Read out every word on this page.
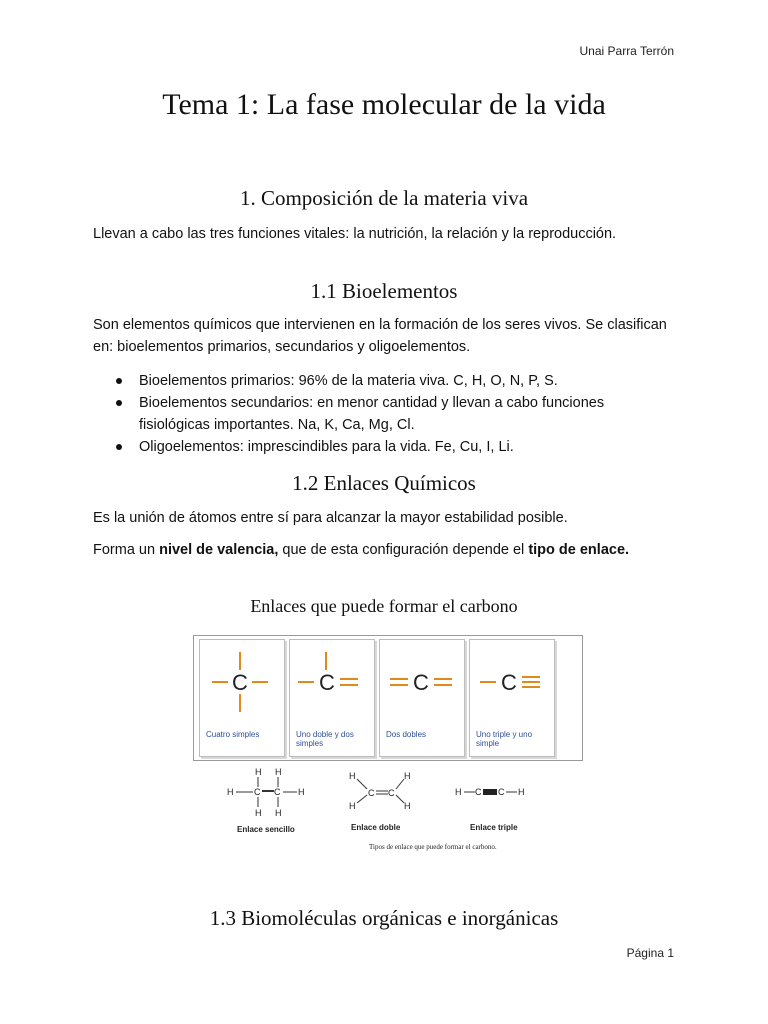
Unai Parra Terrón
Tema 1: La fase molecular de la vida
1. Composición de la materia viva
Llevan a cabo las tres funciones vitales: la nutrición, la relación y la reproducción.
1.1 Bioelementos
Son elementos químicos que intervienen en la formación de los seres vivos. Se clasifican en: bioelementos primarios, secundarios y oligoelementos.
Bioelementos primarios: 96% de la materia viva. C, H, O, N, P, S.
Bioelementos secundarios: en menor cantidad y llevan a cabo funciones fisiológicas importantes. Na, K, Ca, Mg, Cl.
Oligoelementos: imprescindibles para la vida. Fe, Cu, I, Li.
1.2 Enlaces Químicos
Es la unión de átomos entre sí para alcanzar la mayor estabilidad posible.
Forma un nivel de valencia, que de esta configuración depende el tipo de enlace.
Enlaces que puede formar el carbono
C
Cuatro simples
C
Uno doble y dos simples
C
Dos dobles
C
Uno triple y uno simple
H H
H C C H
H H
Enlace sencillo
H
H
C C
H
H
Enlace doble
H C C H
Enlace triple
Tipos de enlace que puede formar el carbono.
1.3 Biomoléculas orgánicas e inorgánicas
Página 1
